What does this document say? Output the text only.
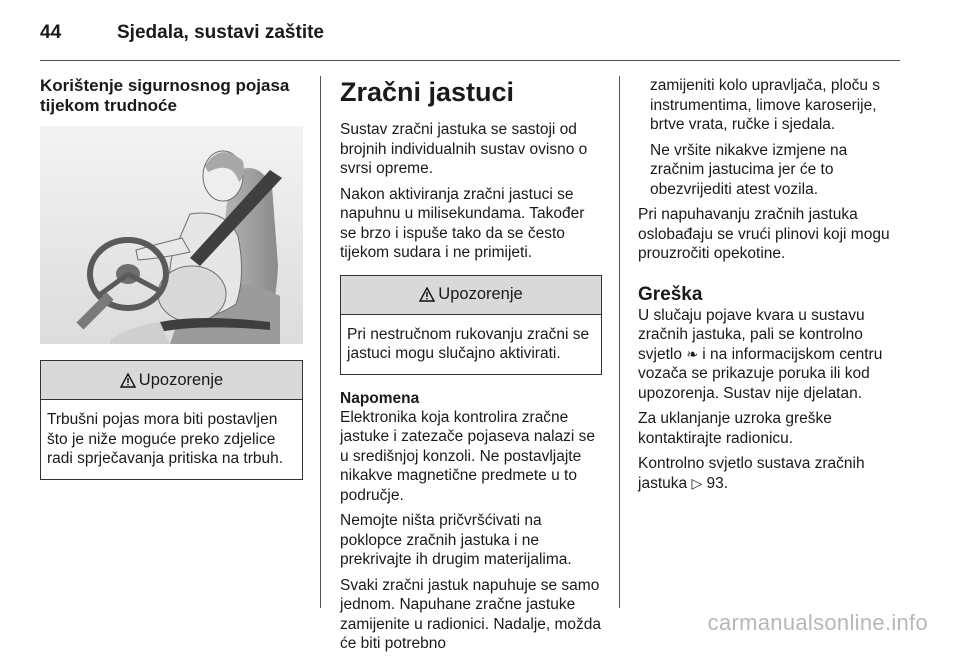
44	Sjedala, sustavi zaštite
Korištenje sigurnosnog pojasa tijekom trudnoće
Upozorenje
Trbušni pojas mora biti postavljen što je niže moguće preko zdjelice radi sprječavanja pritiska na trbuh.
Zračni jastuci

Sustav zračni jastuka se sastoji od brojnih individualnih sustav ovisno o svrsi opreme.

Nakon aktiviranja zračni jastuci se napuhnu u milisekundama. Također se brzo i ispuše tako da se često tijekom sudara i ne primijeti.

Upozorenje
Pri nestručnom rukovanju zračni se jastuci mogu slučajno aktivirati.
Napomena

Elektronika koja kontrolira zračne jastuke i zatezače pojaseva nalazi se u središnjoj konzoli. Ne postavljajte nikakve magnetične predmete u to područje.

Nemojte ništa pričvršćivati na poklopce zračnih jastuka i ne prekrivajte ih drugim materijalima.

Svaki zračni jastuk napuhuje se samo jednom. Napuhane zračne jastuke zamijenite u radionici. Nadalje, možda će biti potrebno

zamijeniti kolo upravljača, ploču s instrumentima, limove karoserije, brtve vrata, ručke i sjedala.

Ne vršite nikakve izmjene na zračnim jastucima jer će to obezvrijediti atest vozila.

Pri napuhavanju zračnih jastuka oslobađaju se vrući plinovi koji mogu prouzročiti opekotine.

Greška

U slučaju pojave kvara u sustavu zračnih jastuka, pali se kontrolno svjetlo ❧ i na informacijskom centru vozača se prikazuje poruka ili kod upozorenja. Sustav nije djelatan.

Za uklanjanje uzroka greške kontaktirajte radionicu.

Kontrolno svjetlo sustava zračnih jastuka ▷ 93.

carmanualsonline.info
